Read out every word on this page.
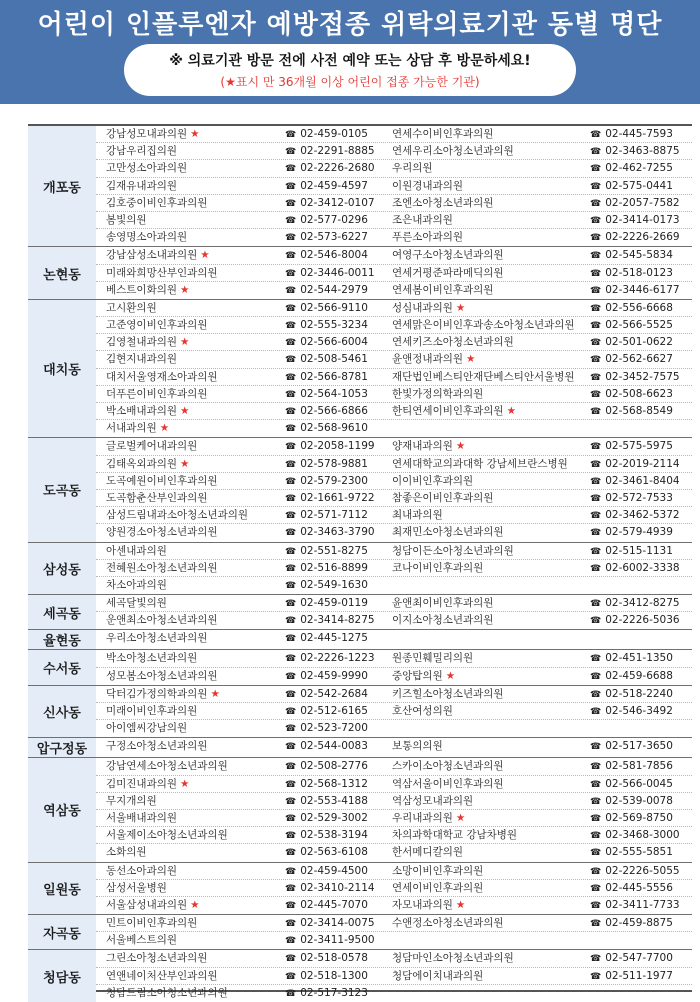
어린이 인플루엔자 예방접종 위탁의료기관 동별 명단
※ 의료기관 방문 전에 사전 예약 또는 상담 후 방문하세요!
(★표시 만 36개월 이상 어린이 접종 가능한 기관)
개포동
강남성모내과의원 ★	☎ 02-459-0105	연세수이비인후과의원	☎ 02-445-7593
강남우리집의원	☎ 02-2291-8885	연세우리소아청소년과의원	☎ 02-3463-8875
고만성소아과의원	☎ 02-2226-2680	우리의원	☎ 02-462-7255
김재유내과의원	☎ 02-459-4597	이원경내과의원	☎ 02-575-0441
김호중이비인후과의원	☎ 02-3412-0107	조엔소아청소년과의원	☎ 02-2057-7582
봄빛의원	☎ 02-577-0296	조은내과의원	☎ 02-3414-0173
송영명소아과의원	☎ 02-573-6227	푸른소아과의원	☎ 02-2226-2669
논현동
강남삼성소내과의원 ★	☎ 02-546-8004	여영구소아청소년과의원	☎ 02-545-5834
미래와희망산부인과의원	☎ 02-3446-0011	연세거평준파라메딕의원	☎ 02-518-0123
베스트이화의원 ★	☎ 02-544-2979	연세봄이비인후과의원	☎ 02-3446-6177
대치동
고시환의원	☎ 02-566-9110	성심내과의원 ★	☎ 02-556-6668
고준영이비인후과의원	☎ 02-555-3234	연세맑은이비인후과송소아청소년과의원	☎ 02-566-5525
김영철내과의원 ★	☎ 02-566-6004	연세키즈소아청소년과의원	☎ 02-501-0622
김현지내과의원	☎ 02-508-5461	윤앤정내과의원 ★	☎ 02-562-6627
대치서울영재소아과의원	☎ 02-566-8781	재단법인베스티안재단베스티안서울병원	☎ 02-3452-7575
더푸른이비인후과의원	☎ 02-564-1053	한빛가정의학과의원	☎ 02-508-6623
박소배내과의원 ★	☎ 02-566-6866	한티연세이비인후과의원 ★	☎ 02-568-8549
서내과의원 ★	☎ 02-568-9610
도곡동
글로벌케어내과의원	☎ 02-2058-1199	양재내과의원 ★	☎ 02-575-5975
김태옥외과의원 ★	☎ 02-578-9881	연세대학교의과대학 강남세브란스병원	☎ 02-2019-2114
도곡예원이비인후과의원	☎ 02-579-2300	이이비인후과의원	☎ 02-3461-8404
도곡함춘산부인과의원	☎ 02-1661-9722	참좋은이비인후과의원	☎ 02-572-7533
삼성드림내과소아청소년과의원	☎ 02-571-7112	최내과의원	☎ 02-3462-5372
양원경소아청소년과의원	☎ 02-3463-3790	최재민소아청소년과의원	☎ 02-579-4939
삼성동
아센내과의원	☎ 02-551-8275	청담이든소아청소년과의원	☎ 02-515-1131
전혜원소아청소년과의원	☎ 02-516-8899	코나이비인후과의원	☎ 02-6002-3338
차소아과의원	☎ 02-549-1630
세곡동
세곡달빛의원	☎ 02-459-0119	윤앤최이비인후과의원	☎ 02-3412-8275
운앤최소아청소년과의원	☎ 02-3414-8275	이지소아청소년과의원	☎ 02-2226-5036
율현동	우리소아청소년과의원	☎ 02-445-1275
수서동
박소아청소년과의원	☎ 02-2226-1223	원종민훼밀리의원	☎ 02-451-1350
성모봄소아청소년과의원	☎ 02-459-9990	중앙탑의원 ★	☎ 02-459-6688
신사동
닥터김가정의학과의원 ★	☎ 02-542-2684	키즈힐소아청소년과의원	☎ 02-518-2240
미래이비인후과의원	☎ 02-512-6165	호산여성의원	☎ 02-546-3492
아이엠씨강남의원	☎ 02-523-7200
압구정동	구정소아청소년과의원	☎ 02-544-0083	보통의의원	☎ 02-517-3650
역삼동
강남연세소아청소년과의원	☎ 02-508-2776	스카이소아청소년과의원	☎ 02-581-7856
김미진내과의원 ★	☎ 02-568-1312	역삼서울이비인후과의원	☎ 02-566-0045
무지개의원	☎ 02-553-4188	역삼성모내과의원	☎ 02-539-0078
서울배내과의원	☎ 02-529-3002	우리내과의원 ★	☎ 02-569-8750
서울제이소아청소년과의원	☎ 02-538-3194	차의과학대학교 강남차병원	☎ 02-3468-3000
소화의원	☎ 02-563-6108	한서메디칼의원	☎ 02-555-5851
일원동
동선소아과의원	☎ 02-459-4500	소망이비인후과의원	☎ 02-2226-5055
삼성서울병원	☎ 02-3410-2114	연세이비인후과의원	☎ 02-445-5556
서울삼성내과의원 ★	☎ 02-445-7070	자모내과의원 ★	☎ 02-3411-7733
자곡동
민트이비인후과의원	☎ 02-3414-0075	수앤정소아청소년과의원	☎ 02-459-8875
서울베스트의원	☎ 02-3411-9500
청담동
그린소아청소년과의원	☎ 02-518-0578	청담마인소아청소년과의원	☎ 02-547-7700
연앤네이처산부인과의원	☎ 02-518-1300	청담에이치내과의원	☎ 02-511-1977
청담드림소아청소년과의원	☎ 02-517-3123
